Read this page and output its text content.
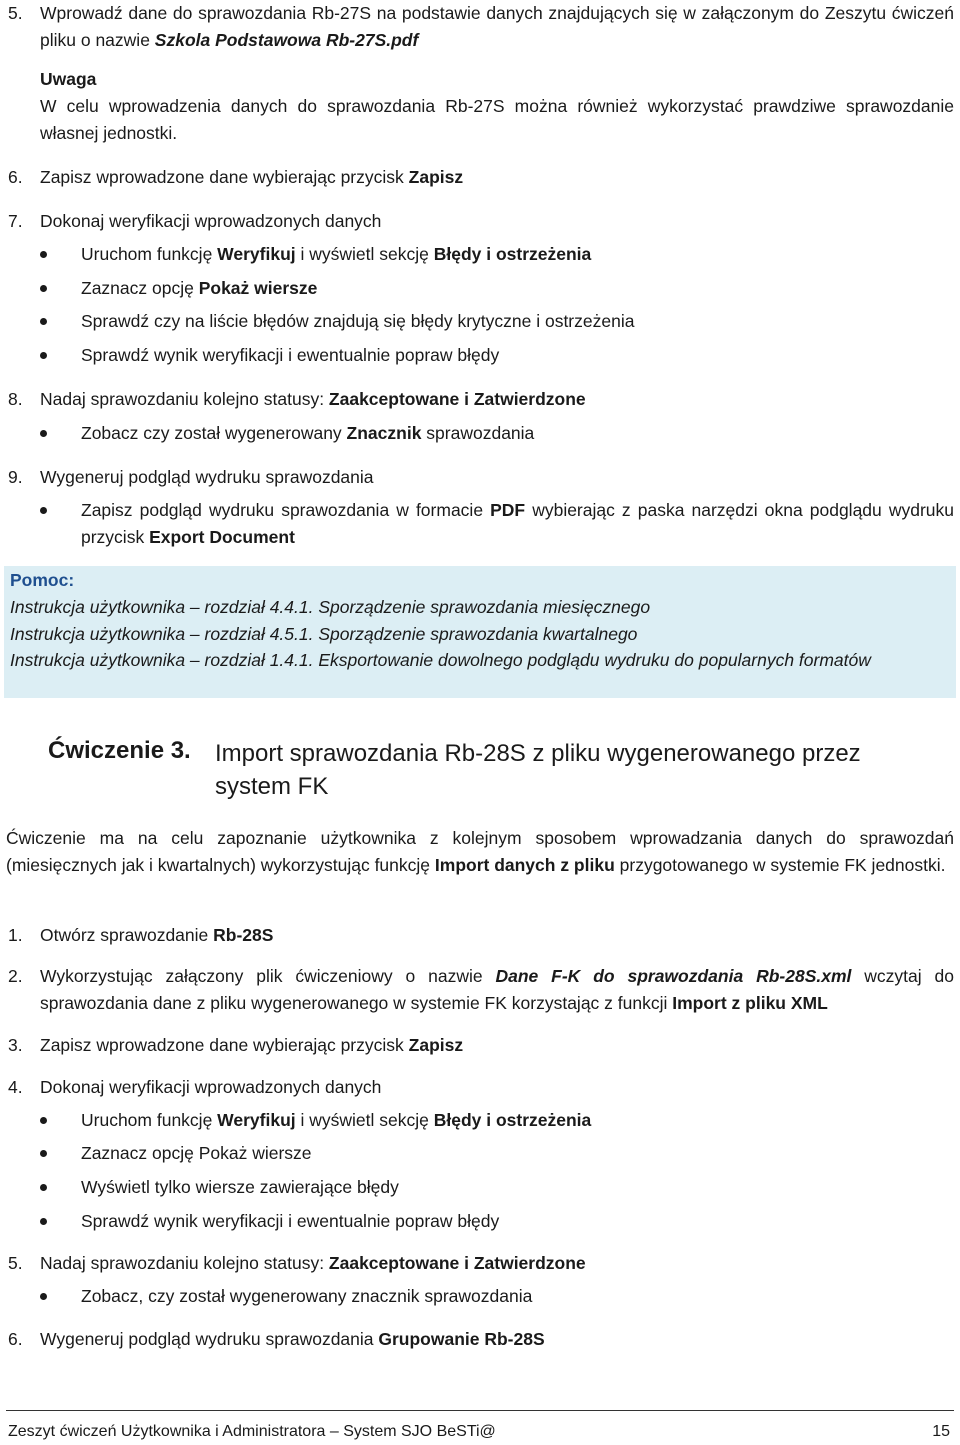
5. Wprowadź dane do sprawozdania Rb-27S na podstawie danych znajdujących się w załączonym do Zeszytu ćwiczeń pliku o nazwie Szkola Podstawowa Rb-27S.pdf
Uwaga
W celu wprowadzenia danych do sprawozdania Rb-27S można również wykorzystać prawdziwe sprawozdanie własnej jednostki.
6. Zapisz wprowadzone dane wybierając przycisk Zapisz
7. Dokonaj weryfikacji wprowadzonych danych
Uruchom funkcję Weryfikuj i wyświetl sekcję Błędy i ostrzeżenia
Zaznacz opcję Pokaż wiersze
Sprawdź czy na liście błędów znajdują się błędy krytyczne i ostrzeżenia
Sprawdź wynik weryfikacji i ewentualnie popraw błędy
8. Nadaj sprawozdaniu kolejno statusy: Zaakceptowane i Zatwierdzone
Zobacz czy został wygenerowany Znacznik sprawozdania
9. Wygeneruj podgląd wydruku sprawozdania
Zapisz podgląd wydruku sprawozdania w formacie PDF wybierając z paska narzędzi okna podglądu wydruku przycisk Export Document
Pomoc:
Instrukcja użytkownika – rozdział 4.4.1. Sporządzenie sprawozdania miesięcznego
Instrukcja użytkownika – rozdział 4.5.1. Sporządzenie sprawozdania kwartalnego
Instrukcja użytkownika – rozdział 1.4.1. Eksportowanie dowolnego podglądu wydruku do popularnych formatów
Ćwiczenie 3. Import sprawozdania Rb-28S z pliku wygenerowanego przez system FK
Ćwiczenie ma na celu zapoznanie użytkownika z kolejnym sposobem wprowadzania danych do sprawozdań (miesięcznych jak i kwartalnych) wykorzystując funkcję Import danych z pliku przygotowanego w systemie FK jednostki.
1. Otwórz sprawozdanie Rb-28S
2. Wykorzystując załączony plik ćwiczeniowy o nazwie Dane F-K do sprawozdania Rb-28S.xml wczytaj do sprawozdania dane z pliku wygenerowanego w systemie FK korzystając z funkcji Import z pliku XML
3. Zapisz wprowadzone dane wybierając przycisk Zapisz
4. Dokonaj weryfikacji wprowadzonych danych
Uruchom funkcję Weryfikuj i wyświetl sekcję Błędy i ostrzeżenia
Zaznacz opcję Pokaż wiersze
Wyświetl tylko wiersze zawierające błędy
Sprawdź wynik weryfikacji i ewentualnie popraw błędy
5. Nadaj sprawozdaniu kolejno statusy: Zaakceptowane i Zatwierdzone
Zobacz, czy został wygenerowany znacznik sprawozdania
6. Wygeneruj podgląd wydruku sprawozdania Grupowanie Rb-28S
Zeszyt ćwiczeń Użytkownika i Administratora – System SJO BeSTi@	15
